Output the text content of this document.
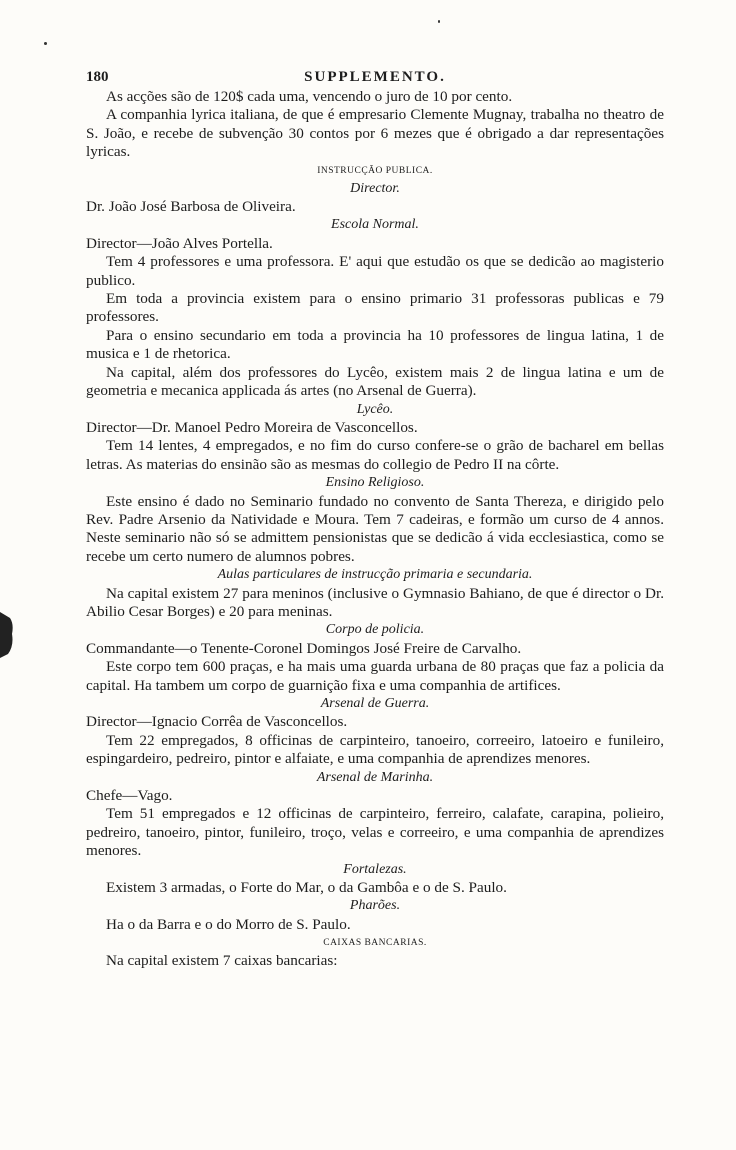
180	SUPPLEMENTO.

As acções são de 120$ cada uma, vencendo o juro de 10 por cento.

A companhia lyrica italiana, de que é empresario Clemente Mugnay, trabalha no theatro de S. João, e recebe de subvenção 30 contos por 6 mezes que é obrigado a dar representações lyricas.

INSTRUCÇÃO PUBLICA.

Director.

Dr. João José Barbosa de Oliveira.

Escola Normal.

Director—João Alves Portella.

Tem 4 professores e uma professora. E' aqui que estudão os que se dedicão ao magisterio publico.

Em toda a provincia existem para o ensino primario 31 professoras publicas e 79 professores.

Para o ensino secundario em toda a provincia ha 10 professores de lingua latina, 1 de musica e 1 de rhetorica.

Na capital, além dos professores do Lycêo, existem mais 2 de lingua latina e um de geometria e mecanica applicada ás artes (no Arsenal de Guerra).

Lycêo.

Director—Dr. Manoel Pedro Moreira de Vasconcellos.

Tem 14 lentes, 4 empregados, e no fim do curso confere-se o grão de bacharel em bellas letras. As materias do ensinão são as mesmas do collegio de Pedro II na côrte.

Ensino Religioso.

Este ensino é dado no Seminario fundado no convento de Santa Thereza, e dirigido pelo Rev. Padre Arsenio da Natividade e Moura. Tem 7 cadeiras, e formão um curso de 4 annos. Neste seminario não só se admittem pensionistas que se dedicão á vida ecclesiastica, como se recebe um certo numero de alumnos pobres.

Aulas particulares de instrucção primaria e secundaria.

Na capital existem 27 para meninos (inclusive o Gymnasio Bahiano, de que é director o Dr. Abilio Cesar Borges) e 20 para meninas.

Corpo de policia.

Commandante—o Tenente-Coronel Domingos José Freire de Carvalho.

Este corpo tem 600 praças, e ha mais uma guarda urbana de 80 praças que faz a policia da capital. Ha tambem um corpo de guarnição fixa e uma companhia de artifices.

Arsenal de Guerra.

Director—Ignacio Corrêa de Vasconcellos.

Tem 22 empregados, 8 officinas de carpinteiro, tanoeiro, correeiro, latoeiro e funileiro, espingardeiro, pedreiro, pintor e alfaiate, e uma companhia de aprendizes menores.

Arsenal de Marinha.

Chefe—Vago.

Tem 51 empregados e 12 officinas de carpinteiro, ferreiro, calafate, carapina, polieiro, pedreiro, tanoeiro, pintor, funileiro, troço, velas e correeiro, e uma companhia de aprendizes menores.

Fortalezas.

Existem 3 armadas, o Forte do Mar, o da Gambôa e o de S. Paulo.

Pharões.

Ha o da Barra e o do Morro de S. Paulo.

CAIXAS BANCARIAS.

Na capital existem 7 caixas bancarias:
